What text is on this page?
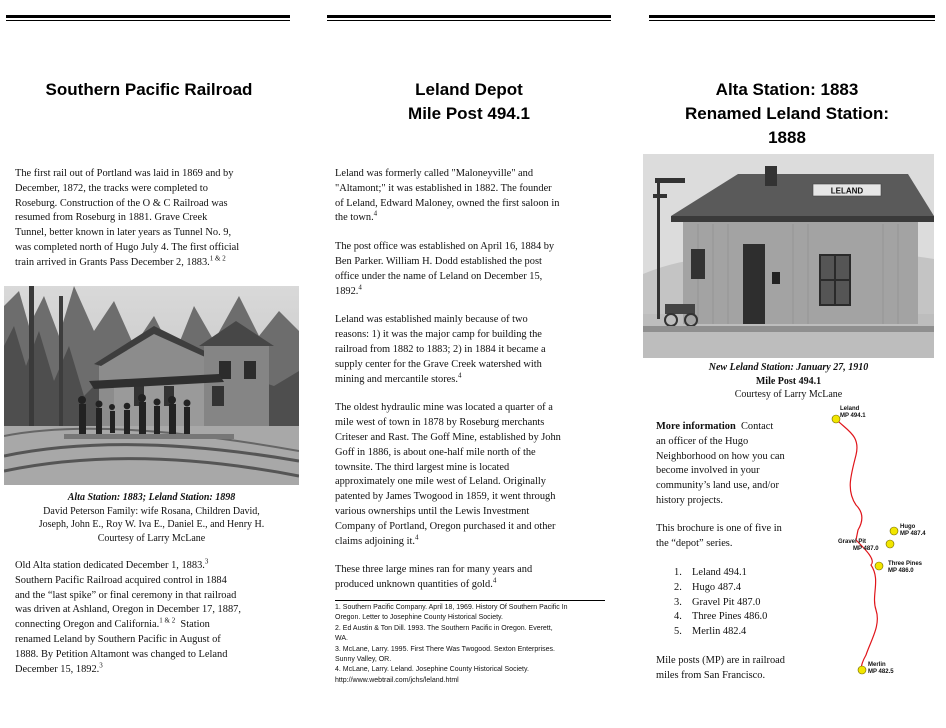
Southern Pacific Railroad
The first rail out of Portland was laid in 1869 and by
December, 1872, the tracks were completed to
Roseburg. Construction of the O & C Railroad was
resumed from Roseburg in 1881. Grave Creek
Tunnel, better known in later years as Tunnel No. 9,
was completed north of Hugo July 4. The first official
train arrived in Grants Pass December 2, 1883.$^{1 \& 2}$
Alta Station: 1883; Leland Station: 1898
David Peterson Family: wife Rosana, Children David,
Joseph, John E., Roy W. Iva E., Daniel E., and Henry H.
Courtesy of Larry McLane
Old Alta station dedicated December 1, 1883.$^3$
Southern Pacific Railroad acquired control in 1884
and the “last spike” or final ceremony in that railroad
was driven at Ashland, Oregon in December 17, 1887,
connecting Oregon and California.$^{1 \& 2}$  Station
renamed Leland by Southern Pacific in August of
1888. By Petition Altamont was changed to Leland
December 15, 1892.$^3$
Leland Depot
Mile Post 494.1
Leland was formerly called "Maloneyville" and
"Altamont;" it was established in 1882. The founder
of Leland, Edward Maloney, owned the first saloon in
the town.$^4$
The post office was established on April 16, 1884 by
Ben Parker. William H. Dodd established the post
office under the name of Leland on December 15,
1892.$^4$
Leland was established mainly because of two
reasons: 1) it was the major camp for building the
railroad from 1882 to 1883; 2) in 1884 it became a
supply center for the Grave Creek watershed with
mining and mercantile stores.$^4$
The oldest hydraulic mine was located a quarter of a
mile west of town in 1878 by Roseburg merchants
Criteser and Rast. The Goff Mine, established by John
Goff in 1886, is about one-half mile north of the
townsite. The third largest mine is located
approximately one mile west of Leland. Originally
patented by James Twogood in 1859, it went through
various ownerships until the Lewis Investment
Company of Portland, Oregon purchased it and other
claims adjoining it.$^4$
These three large mines ran for many years and
produced unknown quantities of gold.$^4$
1. Southern Pacific Company. April 18, 1969. History Of Southern Pacific In
Oregon. Letter to Josephine County Historical Society.
2. Ed Austin & Ton Dill. 1993. The Southern Pacific in Oregon. Everett,
WA.
3. McLane, Larry. 1995. First There Was Twogood. Sexton Enterprises.
Sunny Valley, OR.
4. McLane, Larry. Leland. Josephine County Historical Society.
http://www.webtrail.com/jchs/leland.html
Alta Station: 1883
Renamed Leland Station:
1888
LELAND
New Leland Station: January 27, 1910
Mile Post 494.1
Courtesy of Larry McLane
More information  Contact
an officer of the Hugo
Neighborhood on how you can
become involved in your
community’s land use, and/or
history projects.
This brochure is one of five in
the “depot” series.
1. Leland 494.1
2. Hugo 487.4
3. Gravel Pit 487.0
4. Three Pines 486.0
5. Merlin 482.4
Mile posts (MP) are in railroad
miles from San Francisco.
Leland
MP 494.1
Hugo
MP 487.4
Gravel Pit
MP 487.0
Three Pines
MP 486.0
Merlin
MP 482.5
